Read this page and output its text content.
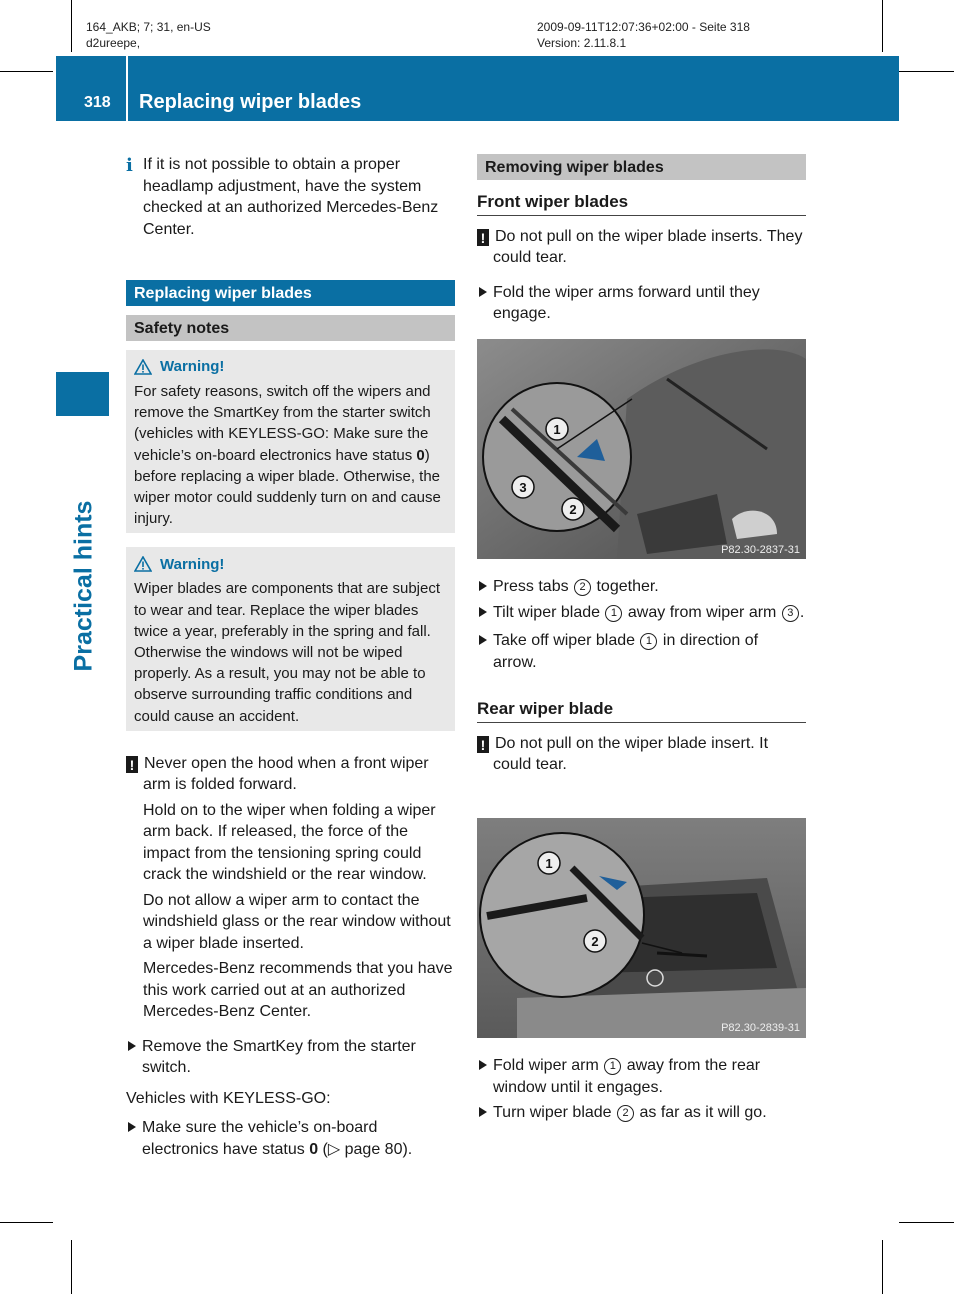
164_AKB; 7; 31, en-US
d2ureepe,
2009-09-11T12:07:36+02:00 - Seite 318
Version: 2.11.8.1
318 Replacing wiper blades
Practical hints
i If it is not possible to obtain a proper headlamp adjustment, have the system checked at an authorized Mercedes-Benz Center.
Replacing wiper blades
Safety notes
Warning!
For safety reasons, switch off the wipers and remove the SmartKey from the starter switch (vehicles with KEYLESS-GO: Make sure the vehicle’s on-board electronics have status 0) before replacing a wiper blade. Otherwise, the wiper motor could suddenly turn on and cause injury.
Warning!
Wiper blades are components that are subject to wear and tear. Replace the wiper blades twice a year, preferably in the spring and fall. Otherwise the windows will not be wiped properly. As a result, you may not be able to observe surrounding traffic conditions and could cause an accident.
! Never open the hood when a front wiper arm is folded forward.
Hold on to the wiper when folding a wiper arm back. If released, the force of the impact from the tensioning spring could crack the windshield or the rear window.
Do not allow a wiper arm to contact the windshield glass or the rear window without a wiper blade inserted.
Mercedes-Benz recommends that you have this work carried out at an authorized Mercedes-Benz Center.
Remove the SmartKey from the starter switch.
Vehicles with KEYLESS-GO:
Make sure the vehicle’s on-board electronics have status 0 (▷ page 80).
Removing wiper blades
Front wiper blades
! Do not pull on the wiper blade inserts. They could tear.
Fold the wiper arms forward until they engage.
1
3
2
P82.30-2837-31
Press tabs 2 together.
Tilt wiper blade 1 away from wiper arm 3 .
Take off wiper blade 1 in direction of arrow.
Rear wiper blade
! Do not pull on the wiper blade insert. It could tear.
1
2
P82.30-2839-31
Fold wiper arm 1 away from the rear window until it engages.
Turn wiper blade 2 as far as it will go.
